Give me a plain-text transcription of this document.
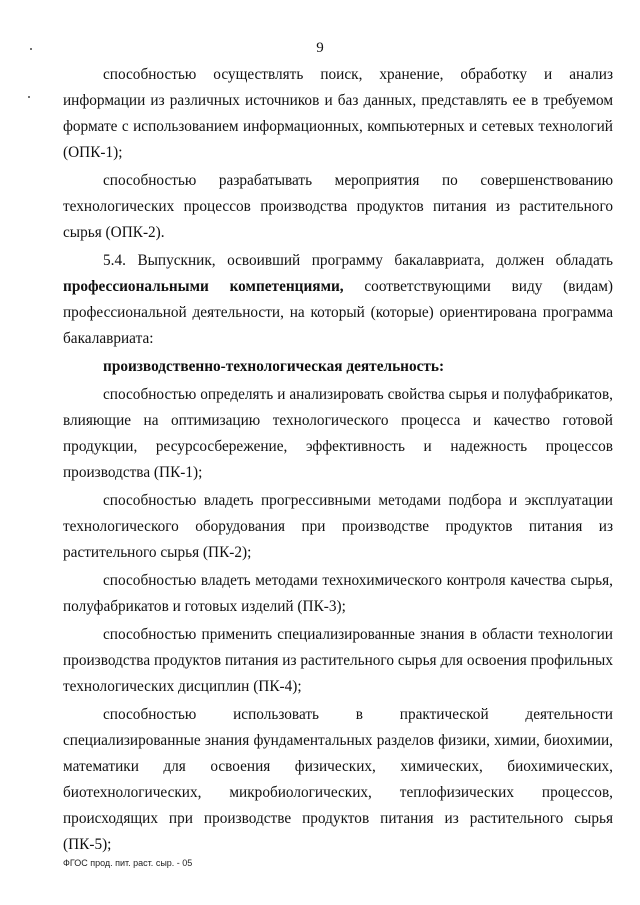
9

способностью осуществлять поиск, хранение, обработку и анализ информации из различных источников и баз данных, представлять ее в требуемом формате с использованием информационных, компьютерных и сетевых технологий (ОПК-1);

способностью разрабатывать мероприятия по совершенствованию технологических процессов производства продуктов питания из растительного сырья (ОПК-2).

5.4. Выпускник, освоивший программу бакалавриата, должен обладать профессиональными компетенциями, соответствующими виду (видам) профессиональной деятельности, на который (которые) ориентирована программа бакалавриата:

производственно-технологическая деятельность:

способностью определять и анализировать свойства сырья и полуфабрикатов, влияющие на оптимизацию технологического процесса и качество готовой продукции, ресурсосбережение, эффективность и надежность процессов производства (ПК-1);

способностью владеть прогрессивными методами подбора и эксплуатации технологического оборудования при производстве продуктов питания из растительного сырья (ПК-2);

способностью владеть методами технохимического контроля качества сырья, полуфабрикатов и готовых изделий (ПК-3);

способностью применить специализированные знания в области технологии производства продуктов питания из растительного сырья для освоения профильных технологических дисциплин (ПК-4);

способностью использовать в практической деятельности специализированные знания фундаментальных разделов физики, химии, биохимии, математики для освоения физических, химических, биохимических, биотехнологических, микробиологических, теплофизических процессов, происходящих при производстве продуктов питания из растительного сырья (ПК-5);

ФГОС прод. пит. раст. сыр. - 05
